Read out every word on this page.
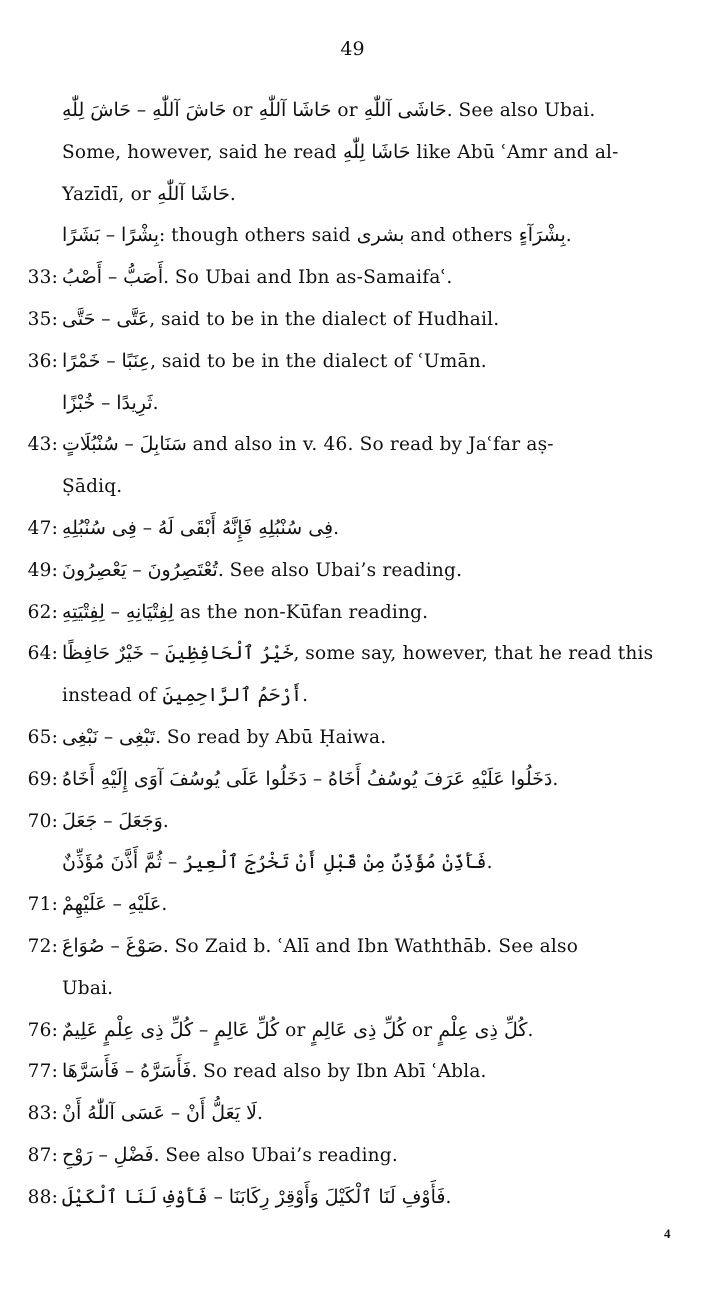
49
حَاشَ لِلّٰهِ – حَاشَ آللّٰهِ or حَاشَا آللّٰهِ or حَاشَى آللّٰهِ. See also Ubai.
Some, however, said he read حَاشَا لِلّٰهِ like Abū ʿAmr and al-
Yazīdī, or حَاشَا آللّٰهِ.
بَشَرًا – بِشْرًا: though others said بشرى and others بِشْرَآءٍ.
33: أَصْبُ – أَصَبُّ. So Ubai and Ibn as-Samaifaʿ.
35: حَتَّى – عَتَّى, said to be in the dialect of Hudhail.
36: خَمْرًا – عِنَبًا, said to be in the dialect of ʿUmān.
خُبْزًا – ثَرِيدًا.
43: سُنْبُلَاتٍ – سَنَابِلَ and also in v. 46. So read by Jaʿfar aṣ-
Ṣādiq.
47: فِى سُنْبُلِهِ – فِى سُنْبُلِهِ فَإِنَّهُ أَبْقَى لَهُ.
49: يَعْصِرُونَ – تُعْتَصِرُونَ. See also Ubai’s reading.
62: لِفِتْيَتِهِ – لِفِتْيَانِهِ as the non-Kūfan reading.
64: خَيْرٌ حَافِظًا – خَيْرُ ٱلْحَافِظِينَ, some say, however, that he read this
instead of أَرْحَمُ ٱلرَّاحِمِينَ.
65: نَبْغِى – تَبْغِى. So read by Abū Ḥaiwa.
69: دَخَلُوا عَلَى يُوسُفَ آوَى إِلَيْهِ أَخَاهُ – دَخَلُوا عَلَيْهِ عَرَفَ يُوسُفُ أَخَاهُ.
70: جَعَلَ – وَجَعَلَ.
ثُمَّ أَذَّنَ مُؤَذِّنٌ – فَأَذِّنْ مُؤَذِّنٌ مِنْ قَبْلِ أَنْ تَخْرُجَ ٱلْعِيرُ.
71: عَلَيْهِمْ – عَلَيْهِ.
72: صُوَاعَ – صَوْغَ. So Zaid b. ʿAlī and Ibn Waththāb. See also
Ubai.
76: كُلِّ ذِى عِلْمٍ عَلِيمٌ – كُلِّ عَالِمٍ or كُلِّ ذِى عَالِمٍ or كُلِّ ذِى عِلْمٍ.
77: فَأَسَرَّهَا – فَأَسَرَّهُ. So read also by Ibn Abī ʿAbla.
83: عَسَى آللّٰهُ أَنْ – لَا يَعَلُّ أَنْ.
87: رَوْحِ – فَضْلِ. See also Ubai’s reading.
88: فَأَوْفِ لَنَا ٱلْكَيْلَ – فَأَوْفِ لَنَا ٱلْكَيْلَ وَأَوْقِرْ رِكَابَنَا.
4
